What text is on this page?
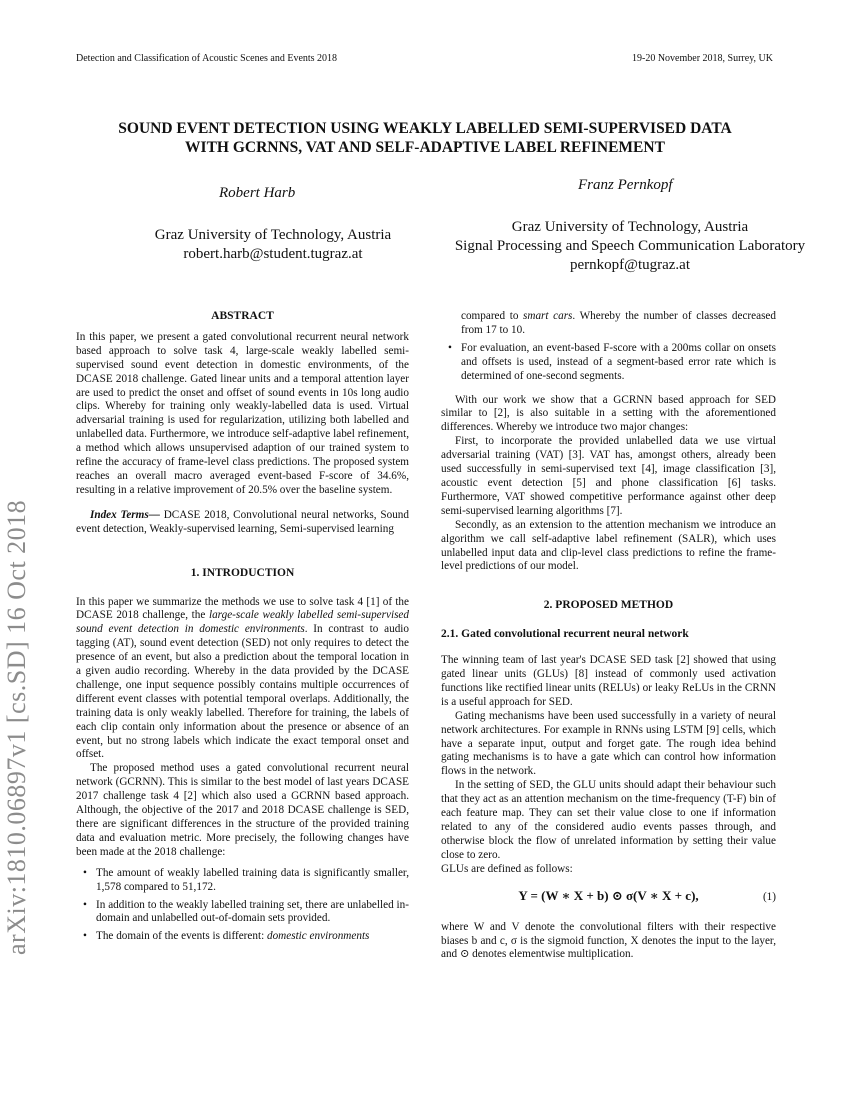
Detection and Classification of Acoustic Scenes and Events 2018	19-20 November 2018, Surrey, UK
SOUND EVENT DETECTION USING WEAKLY LABELLED SEMI-SUPERVISED DATA
WITH GCRNNS, VAT AND SELF-ADAPTIVE LABEL REFINEMENT
Robert Harb
Graz University of Technology, Austria
robert.harb@student.tugraz.at
Franz Pernkopf
Graz University of Technology, Austria
Signal Processing and Speech Communication Laboratory
pernkopf@tugraz.at
arXiv:1810.06897v1 [cs.SD] 16 Oct 2018
ABSTRACT

In this paper, we present a gated convolutional recurrent neural network based approach to solve task 4, large-scale weakly labelled semi-supervised sound event detection in domestic environments, of the DCASE 2018 challenge. Gated linear units and a temporal attention layer are used to predict the onset and offset of sound events in 10s long audio clips. Whereby for training only weakly-labelled data is used. Virtual adversarial training is used for regularization, utilizing both labelled and unlabelled data. Furthermore, we introduce self-adaptive label refinement, a method which allows unsupervised adaption of our trained system to refine the accuracy of frame-level class predictions. The proposed system reaches an overall macro averaged event-based F-score of 34.6%, resulting in a relative improvement of 20.5% over the baseline system.

Index Terms— DCASE 2018, Convolutional neural networks, Sound event detection, Weakly-supervised learning, Semi-supervised learning

1. INTRODUCTION

In this paper we summarize the methods we use to solve task 4 [1] of the DCASE 2018 challenge, the large-scale weakly labelled semi-supervised sound event detection in domestic environments. In contrast to audio tagging (AT), sound event detection (SED) not only requires to detect the presence of an event, but also a prediction about the temporal location in a given audio recording. Whereby in the data provided by the DCASE challenge, one input sequence possibly contains multiple occurrences of different event classes with potential temporal overlaps. Additionally, the training data is only weakly labelled. Therefore for training, the labels of each clip contain only information about the presence or absence of an event, but no strong labels which indicate the exact temporal onset and offset.

The proposed method uses a gated convolutional recurrent neural network (GCRNN). This is similar to the best model of last years DCASE 2017 challenge task 4 [2] which also used a GCRNN based approach. Although, the objective of the 2017 and 2018 DCASE challenge is SED, there are significant differences in the structure of the provided training data and evaluation metric. More precisely, the following changes have been made at the 2018 challenge:

• The amount of weakly labelled training data is significantly smaller, 1,578 compared to 51,172.
• In addition to the weakly labelled training set, there are unlabelled in-domain and unlabelled out-of-domain sets provided.
• The domain of the events is different: domestic environments

compared to smart cars. Whereby the number of classes decreased from 17 to 10.

• For evaluation, an event-based F-score with a 200ms collar on onsets and offsets is used, instead of a segment-based error rate which is determined of one-second segments.

With our work we show that a GCRNN based approach for SED similar to [2], is also suitable in a setting with the aforementioned differences. Whereby we introduce two major changes:

First, to incorporate the provided unlabelled data we use virtual adversarial training (VAT) [3]. VAT has, amongst others, already been used successfully in semi-supervised text [4], image classification [3], acoustic event detection [5] and phone classification [6] tasks. Furthermore, VAT showed competitive performance against other deep semi-supervised learning algorithms [7].

Secondly, as an extension to the attention mechanism we introduce an algorithm we call self-adaptive label refinement (SALR), which uses unlabelled input data and clip-level class predictions to refine the frame-level predictions of our model.

2. PROPOSED METHOD
2.1. Gated convolutional recurrent neural network

The winning team of last year's DCASE SED task [2] showed that using gated linear units (GLUs) [8] instead of commonly used activation functions like rectified linear units (RELUs) or leaky ReLUs in the CRNN is a useful approach for SED.

Gating mechanisms have been used successfully in a variety of neural network architectures. For example in RNNs using LSTM [9] cells, which have a separate input, output and forget gate. The rough idea behind gating mechanisms is to have a gate which can control how information flows in the network.

In the setting of SED, the GLU units should adapt their behaviour such that they act as an attention mechanism on the time-frequency (T-F) bin of each feature map. They can set their value close to one if information related to any of the considered audio events passes through, and otherwise block the flow of unrelated information by setting their value close to zero.

GLUs are defined as follows:

Y = (W ∗ X + b) ⊙ σ(V ∗ X + c),	(1)

where W and V denote the convolutional filters with their respective biases b and c, σ is the sigmoid function, X denotes the input to the layer, and ⊙ denotes elementwise multiplication.
